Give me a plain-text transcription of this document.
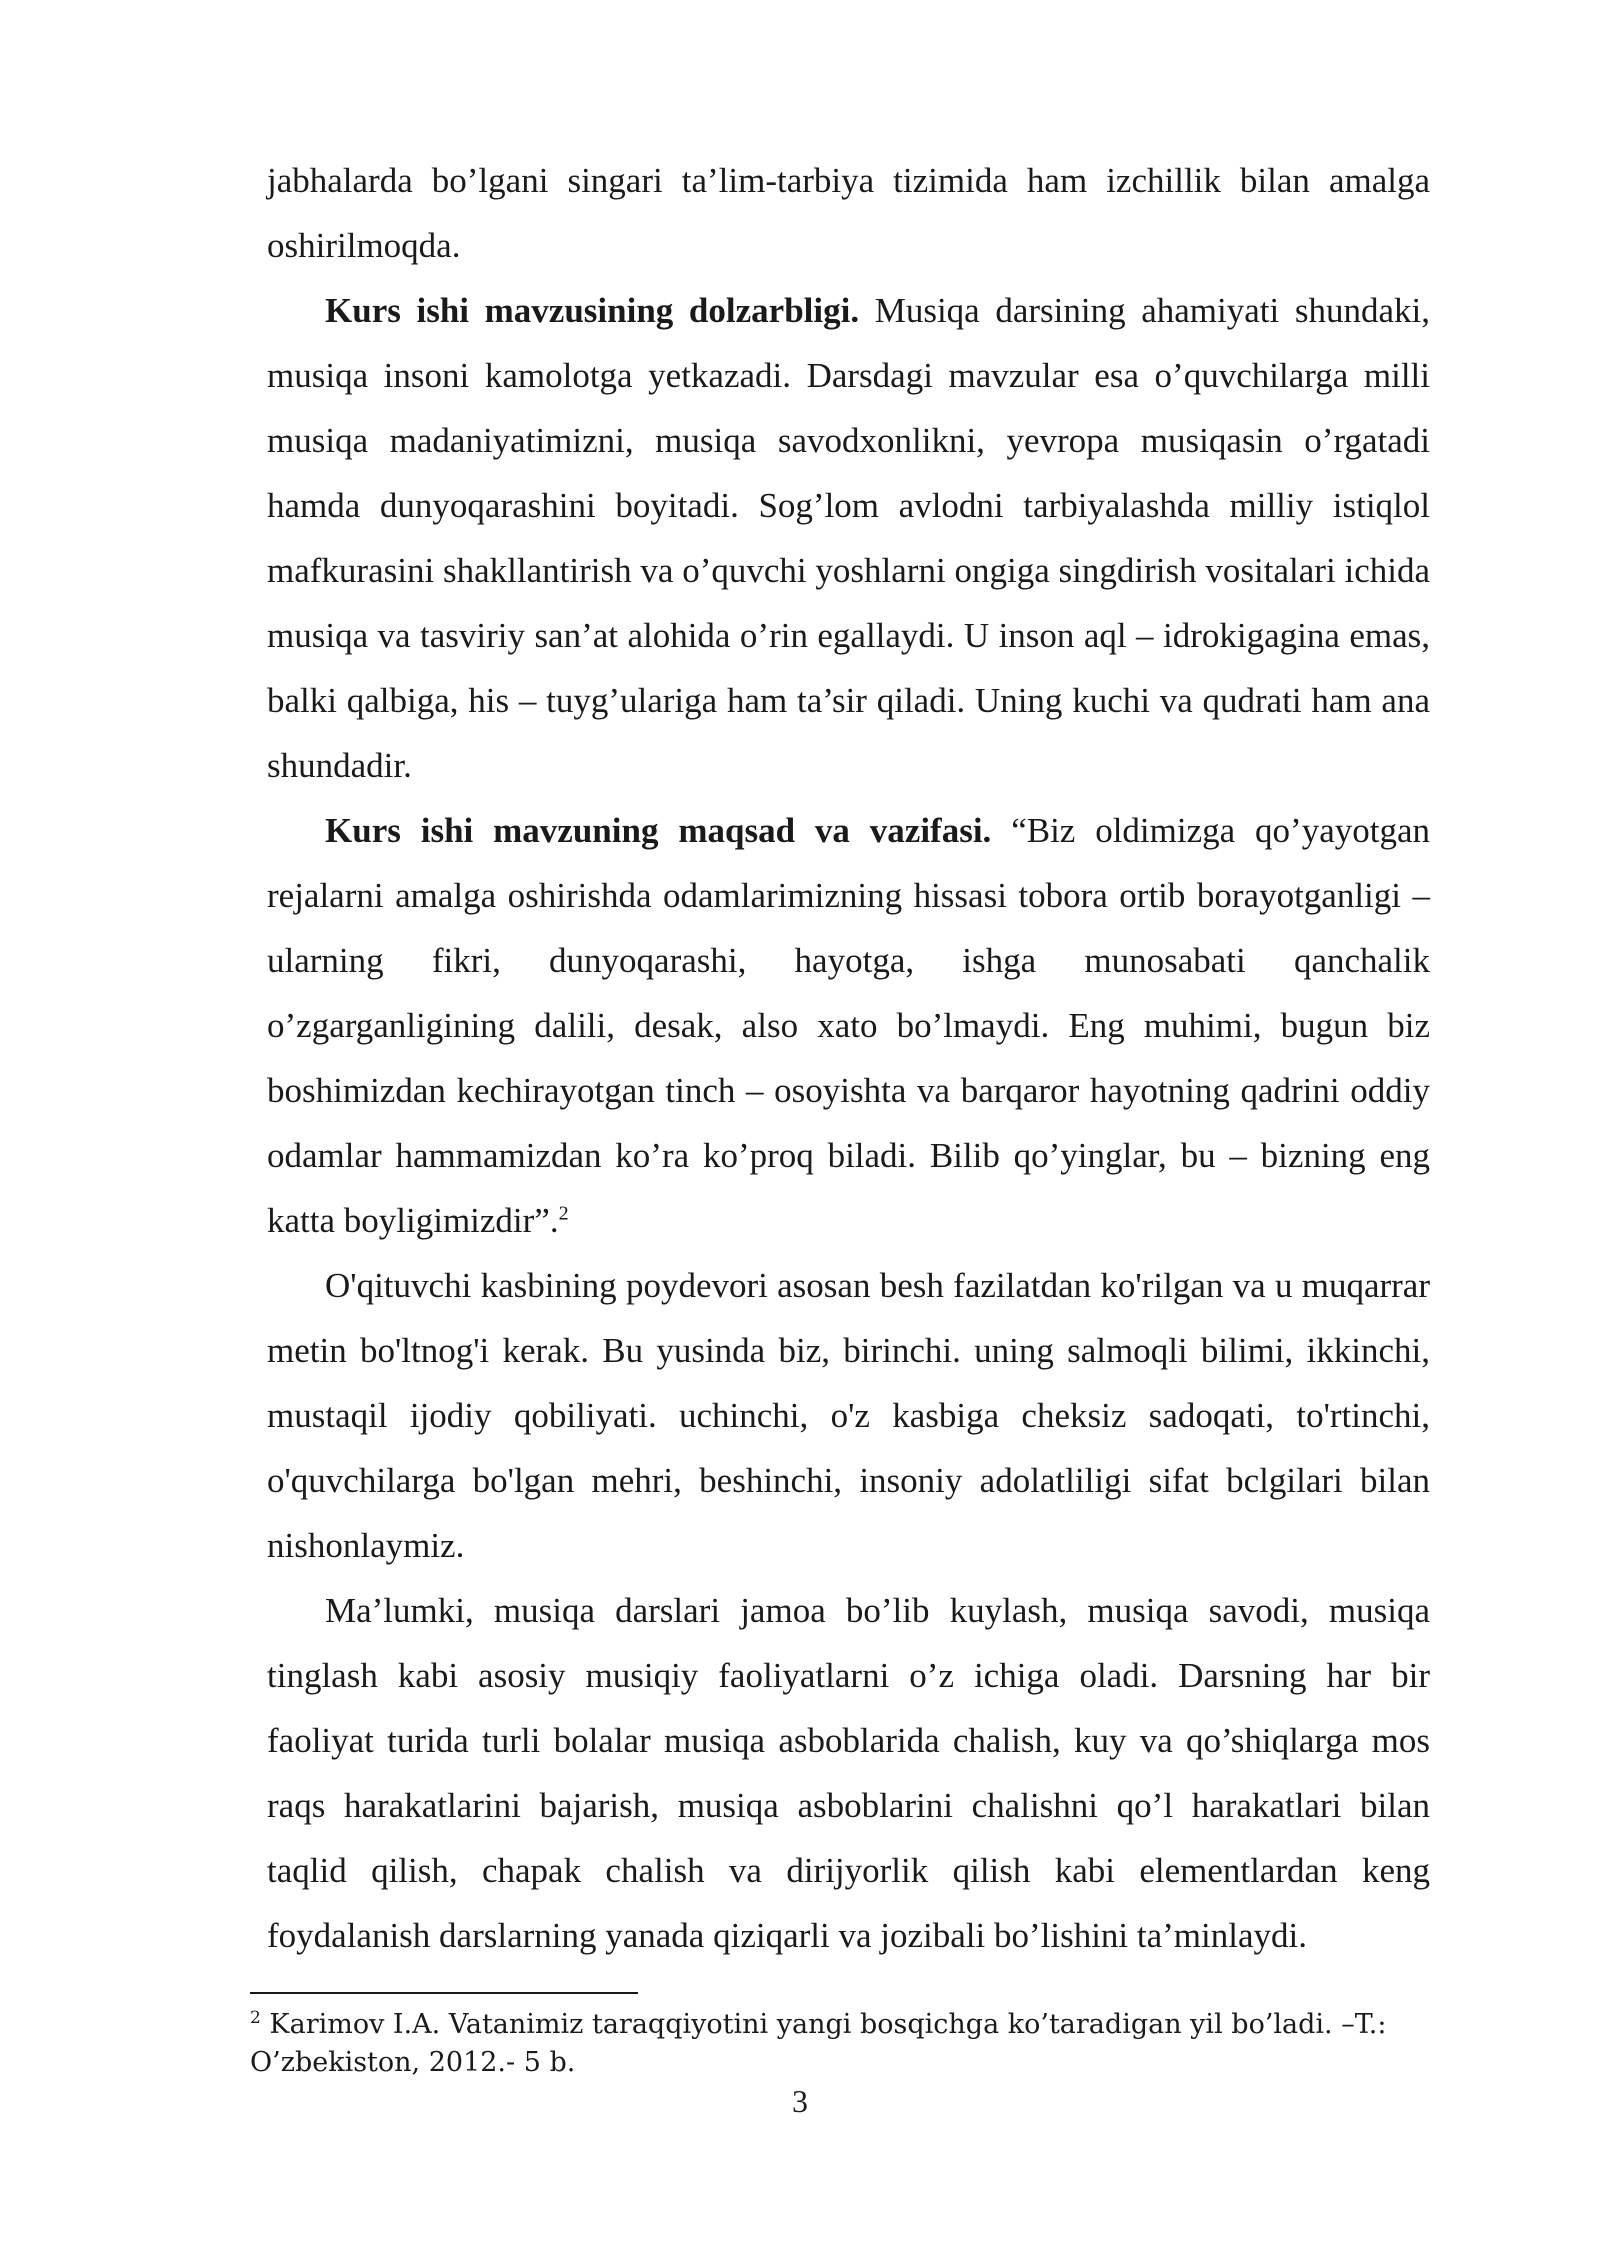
jabhalarda bo’lgani singari ta’lim-tarbiya tizimida ham izchillik bilan amalga oshirilmoqda.

Kurs ishi mavzusining dolzarbligi. Musiqa darsining ahamiyati shundaki, musiqa insoni kamolotga yetkazadi. Darsdagi mavzular esa o’quvchilarga milli musiqa madaniyatimizni, musiqa savodxonlikni, yevropa musiqasin o’rgatadi hamda dunyoqarashini boyitadi. Sog’lom avlodni tarbiyalashda milliy istiqlol mafkurasini shakllantirish va o’quvchi yoshlarni ongiga singdirish vositalari ichida musiqa va tasviriy san’at alohida o’rin egallaydi. U inson aql – idrokigagina emas, balki qalbiga, his – tuyg’ulariga ham ta’sir qiladi. Uning kuchi va qudrati ham ana shundadir.

Kurs ishi mavzuning maqsad va vazifasi. “Biz oldimizga qo’yayotgan rejalarni amalga oshirishda odamlarimizning hissasi tobora ortib borayotganligi – ularning fikri, dunyoqarashi, hayotga, ishga munosabati qanchalik o’zgarganligining dalili, desak, also xato bo’lmaydi. Eng muhimi, bugun biz boshimizdan kechirayotgan tinch – osoyishta va barqaror hayotning qadrini oddiy odamlar hammamizdan ko’ra ko’proq biladi. Bilib qo’yinglar, bu – bizning eng katta boyligimizdir”.$^2$

O'qituvchi kasbining poydevori asosan besh fazilatdan ko'rilgan va u muqarrar metin bo'ltnog'i kerak. Bu yusinda biz, birinchi. uning salmoqli bilimi, ikkinchi, mustaqil ijodiy qobiliyati. uchinchi, o'z kasbiga cheksiz sadoqati, to'rtinchi, o'quvchilarga bo'lgan mehri, beshinchi, insoniy adolatliligi sifat bclgilari bilan nishonlaymiz.

Ma’lumki, musiqa darslari jamoa bo’lib kuylash, musiqa savodi, musiqa tinglash kabi asosiy musiqiy faoliyatlarni o’z ichiga oladi. Darsning har bir faoliyat turida turli bolalar musiqa asboblarida chalish, kuy va qo’shiqlarga mos raqs harakatlarini bajarish, musiqa asboblarini chalishni qo’l harakatlari bilan taqlid qilish, chapak chalish va dirijyorlik qilish kabi elementlardan keng foydalanish darslarning yanada qiziqarli va jozibali bo’lishini ta’minlaydi.

$^2$ Karimov I.A. Vatanimiz taraqqiyotini yangi bosqichga ko’taradigan yil bo’ladi. –T.: O’zbekiston, 2012.- 5 b.

3
